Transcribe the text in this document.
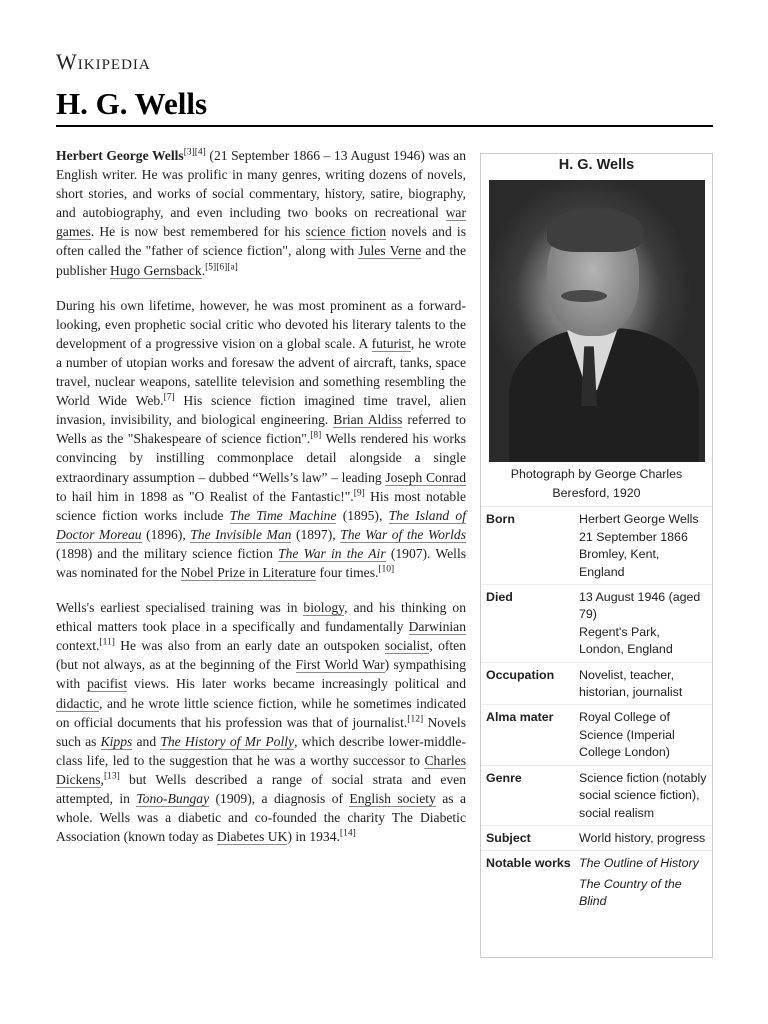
Wikipedia
H. G. Wells

Herbert George Wells[3][4] (21 September 1866 – 13 August 1946) was an English writer. He was prolific in many genres, writing dozens of novels, short stories, and works of social commentary, history, satire, biography, and autobiography, and even including two books on recreational war games. He is now best remembered for his science fiction novels and is often called the "father of science fiction", along with Jules Verne and the publisher Hugo Gernsback.[5][6][a]

During his own lifetime, however, he was most prominent as a forward-looking, even prophetic social critic who devoted his literary talents to the development of a progressive vision on a global scale. A futurist, he wrote a number of utopian works and foresaw the advent of aircraft, tanks, space travel, nuclear weapons, satellite television and something resembling the World Wide Web.[7] His science fiction imagined time travel, alien invasion, invisibility, and biological engineering. Brian Aldiss referred to Wells as the "Shakespeare of science fiction".[8] Wells rendered his works convincing by instilling commonplace detail alongside a single extraordinary assumption – dubbed “Wells’s law” – leading Joseph Conrad to hail him in 1898 as "O Realist of the Fantastic!".[9] His most notable science fiction works include The Time Machine (1895), The Island of Doctor Moreau (1896), The Invisible Man (1897), The War of the Worlds (1898) and the military science fiction The War in the Air (1907). Wells was nominated for the Nobel Prize in Literature four times.[10]

Wells's earliest specialised training was in biology, and his thinking on ethical matters took place in a specifically and fundamentally Darwinian context.[11] He was also from an early date an outspoken socialist, often (but not always, as at the beginning of the First World War) sympathising with pacifist views. His later works became increasingly political and didactic, and he wrote little science fiction, while he sometimes indicated on official documents that his profession was that of journalist.[12] Novels such as Kipps and The History of Mr Polly, which describe lower-middle-class life, led to the suggestion that he was a worthy successor to Charles Dickens,[13] but Wells described a range of social strata and even attempted, in Tono-Bungay (1909), a diagnosis of English society as a whole. Wells was a diabetic and co-founded the charity The Diabetic Association (known today as Diabetes UK) in 1934.[14]

H. G. Wells
Photograph by George Charles Beresford, 1920
Born	Herbert George Wells
21 September 1866
Bromley, Kent, England
Died	13 August 1946 (aged 79)
Regent's Park, London, England
Occupation	Novelist, teacher, historian, journalist
Alma mater	Royal College of Science (Imperial College London)
Genre	Science fiction (notably social science fiction), social realism
Subject	World history, progress
Notable works The Outline of History
The Country of the Blind
